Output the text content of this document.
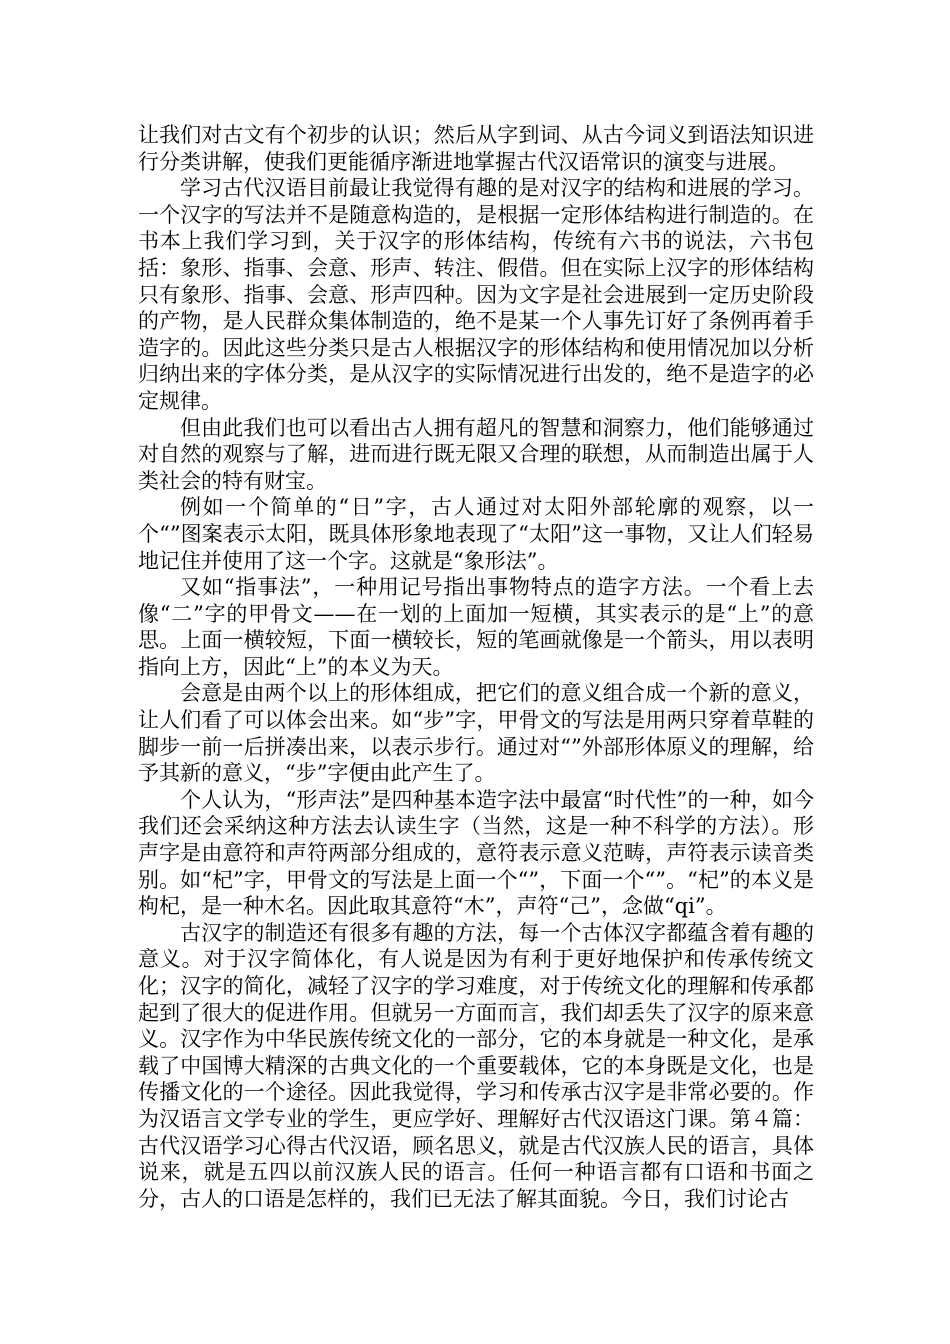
让我们对古文有个初步的认识；然后从字到词、从古今词义到语法知识进行分类讲解，使我们更能循序渐进地掌握古代汉语常识的演变与进展。

学习古代汉语目前最让我觉得有趣的是对汉字的结构和进展的学习。一个汉字的写法并不是随意构造的，是根据一定形体结构进行制造的。在书本上我们学习到，关于汉字的形体结构，传统有六书的说法，六书包括：象形、指事、会意、形声、转注、假借。但在实际上汉字的形体结构只有象形、指事、会意、形声四种。因为文字是社会进展到一定历史阶段的产物，是人民群众集体制造的，绝不是某一个人事先订好了条例再着手造字的。因此这些分类只是古人根据汉字的形体结构和使用情况加以分析归纳出来的字体分类，是从汉字的实际情况进行出发的，绝不是造字的必定规律。

但由此我们也可以看出古人拥有超凡的智慧和洞察力，他们能够通过对自然的观察与了解，进而进行既无限又合理的联想，从而制造出属于人类社会的特有财宝。

例如一个简单的“日”字，古人通过对太阳外部轮廓的观察，以一个“”图案表示太阳，既具体形象地表现了“太阳”这一事物，又让人们轻易地记住并使用了这一个字。这就是“象形法”。

又如“指事法”，一种用记号指出事物特点的造字方法。一个看上去像“二”字的甲骨文——在一划的上面加一短横，其实表示的是“上”的意思。上面一横较短，下面一横较长，短的笔画就像是一个箭头，用以表明指向上方，因此“上”的本义为天。

会意是由两个以上的形体组成，把它们的意义组合成一个新的意义，让人们看了可以体会出来。如“步”字，甲骨文的写法是用两只穿着草鞋的脚步一前一后拼凑出来，以表示步行。通过对“”外部形体原义的理解，给予其新的意义，“步”字便由此产生了。

个人认为，“形声法”是四种基本造字法中最富“时代性”的一种，如今我们还会采纳这种方法去认读生字（当然，这是一种不科学的方法）。形声字是由意符和声符两部分组成的，意符表示意义范畴，声符表示读音类别。如“杞”字，甲骨文的写法是上面一个“”，下面一个“”。“杞”的本义是枸杞，是一种木名。因此取其意符“木”，声符“己”，念做“qi”。

古汉字的制造还有很多有趣的方法，每一个古体汉字都蕴含着有趣的意义。对于汉字简体化，有人说是因为有利于更好地保护和传承传统文化；汉字的简化，减轻了汉字的学习难度，对于传统文化的理解和传承都起到了很大的促进作用。但就另一方面而言，我们却丢失了汉字的原来意义。汉字作为中华民族传统文化的一部分，它的本身就是一种文化，是承载了中国博大精深的古典文化的一个重要载体，它的本身既是文化，也是传播文化的一个途径。因此我觉得，学习和传承古汉字是非常必要的。作为汉语言文学专业的学生，更应学好、理解好古代汉语这门课。第４篇：古代汉语学习心得古代汉语，顾名思义，就是古代汉族人民的语言，具体说来，就是五四以前汉族人民的语言。任何一种语言都有口语和书面之分，古人的口语是怎样的，我们已无法了解其面貌。今日，我们讨论古
